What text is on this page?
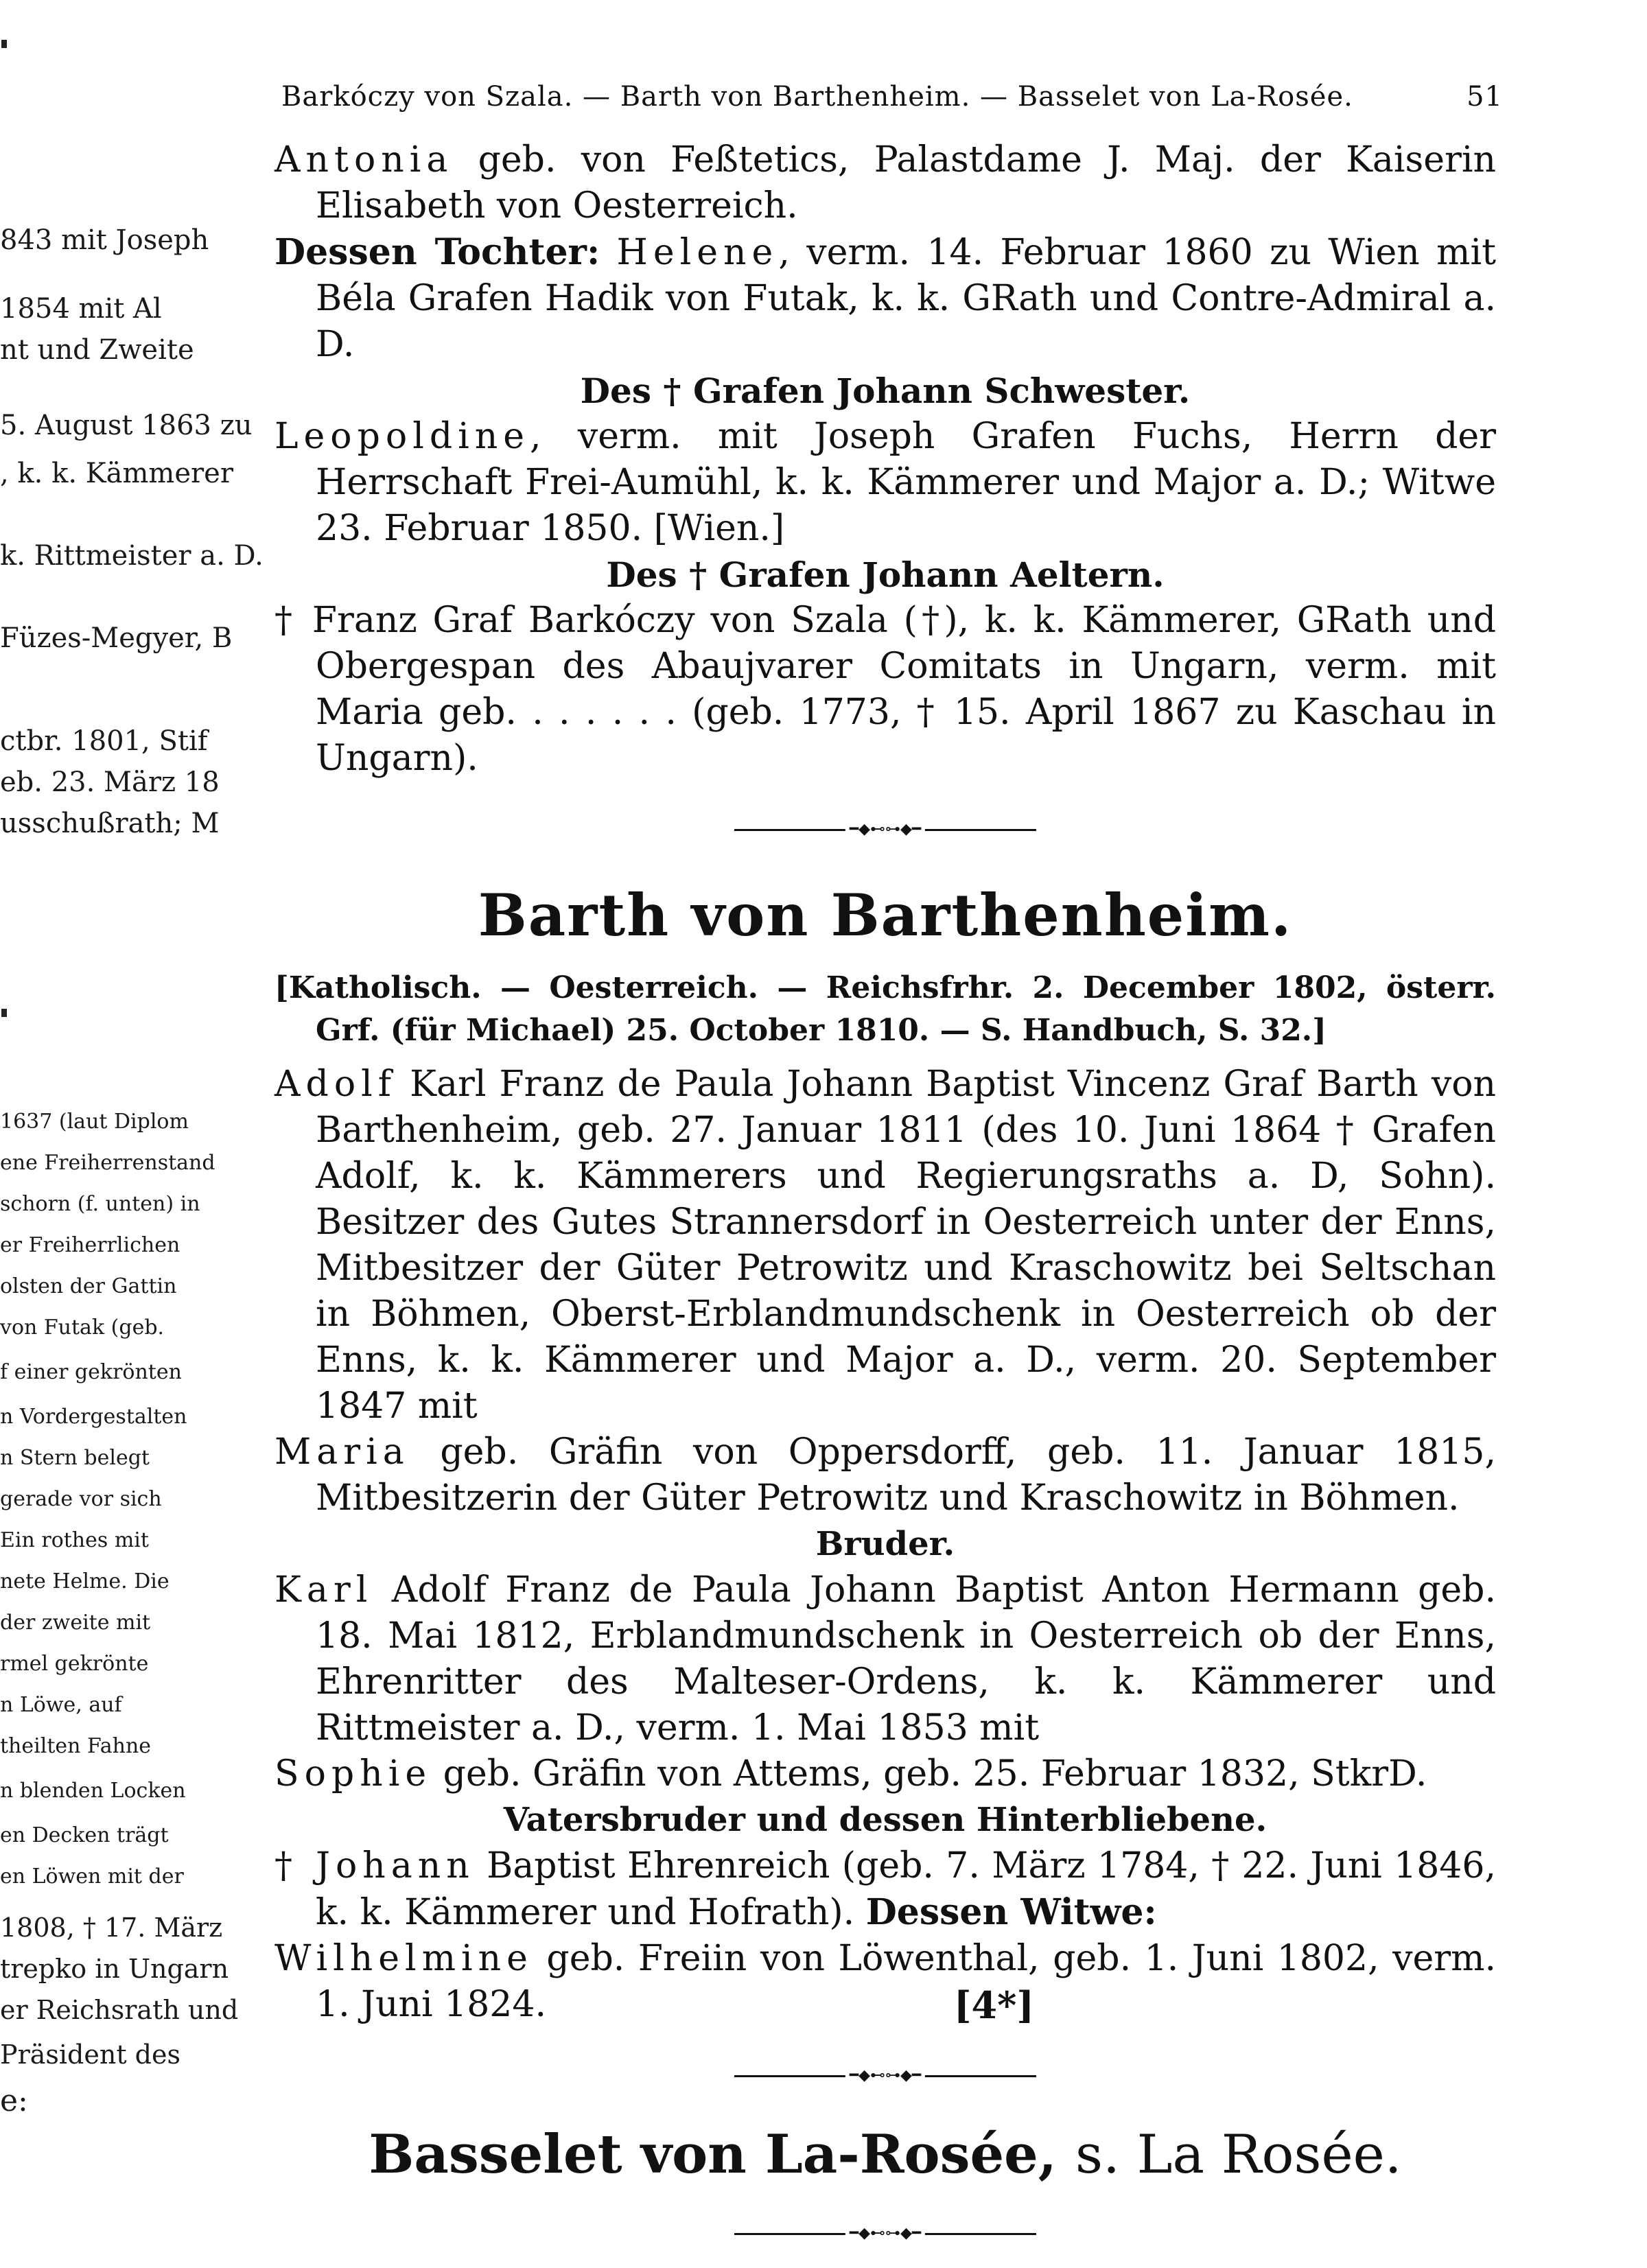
843 mit Joseph
1854 mit Al
nt und Zweite
5. August 1863 zu
, k. k. Kämmerer
k. Rittmeister a. D.
Füzes-Megyer, B
ctbr. 1801, Stif
eb. 23. März 18
usschußrath; M
1637 (laut Diplom
ene Freiherrenstand
schorn (f. unten) in
er Freiherrlichen
olsten der Gattin
von Futak (geb.
f einer gekrönten
n Vordergestalten
n Stern belegt
gerade vor sich
Ein rothes mit
nete Helme. Die
der zweite mit
rmel gekrönte
n Löwe, auf
theilten Fahne
n blenden Locken
en Decken trägt
en Löwen mit der
1808, † 17. März
trepko in Ungarn
er Reichsrath und
Präsident des
e:
Barkóczy von Szala. — Barth von Barthenheim. — Basselet von La-Rosée.	51
Antonia geb. von Feßtetics, Palastdame J. Maj. der Kaiserin Elisabeth von Oesterreich.
Dessen Tochter: Helene, verm. 14. Februar 1860 zu Wien mit Béla Grafen Hadik von Futak, k. k. GRath und Contre-Admiral a. D.
Des † Grafen Johann Schwester.
Leopoldine, verm. mit Joseph Grafen Fuchs, Herrn der Herrschaft Frei-Aumühl, k. k. Kämmerer und Major a. D.; Witwe 23. Februar 1850. [Wien.]
Des † Grafen Johann Aeltern.
† Franz Graf Barkóczy von Szala (†), k. k. Kämmerer, GRath und Obergespan des Abaujvarer Comitats in Ungarn, verm. mit Maria geb. . . . . . . (geb. 1773, † 15. April 1867 zu Kaschau in Ungarn).
━◆⊷⊶◆━
Barth von Barthenheim.
[Katholisch. — Oesterreich. — Reichsfrhr. 2. December 1802, österr. Grf. (für Michael) 25. October 1810. — S. Handbuch, S. 32.]
Adolf Karl Franz de Paula Johann Baptist Vincenz Graf Barth von Barthenheim, geb. 27. Januar 1811 (des 10. Juni 1864 † Grafen Adolf, k. k. Kämmerers und Regierungsraths a. D, Sohn). Besitzer des Gutes Strannersdorf in Oesterreich unter der Enns, Mitbesitzer der Güter Petrowitz und Kraschowitz bei Seltschan in Böhmen, Oberst-Erblandmundschenk in Oesterreich ob der Enns, k. k. Kämmerer und Major a. D., verm. 20. September 1847 mit
Maria geb. Gräfin von Oppersdorff, geb. 11. Januar 1815, Mitbesitzerin der Güter Petrowitz und Kraschowitz in Böhmen.
Bruder.
Karl Adolf Franz de Paula Johann Baptist Anton Hermann geb. 18. Mai 1812, Erblandmundschenk in Oesterreich ob der Enns, Ehrenritter des Malteser-Ordens, k. k. Kämmerer und Rittmeister a. D., verm. 1. Mai 1853 mit
Sophie geb. Gräfin von Attems, geb. 25. Februar 1832, StkrD.
Vatersbruder und dessen Hinterbliebene.
† Johann Baptist Ehrenreich (geb. 7. März 1784, † 22. Juni 1846, k. k. Kämmerer und Hofrath). Dessen Witwe:
Wilhelmine geb. Freiin von Löwenthal, geb. 1. Juni 1802, verm. 1. Juni 1824.
━◆⊷⊶◆━
Basselet von La-Rosée, s. La Rosée.
━◆⊷⊶◆━
[4*]
